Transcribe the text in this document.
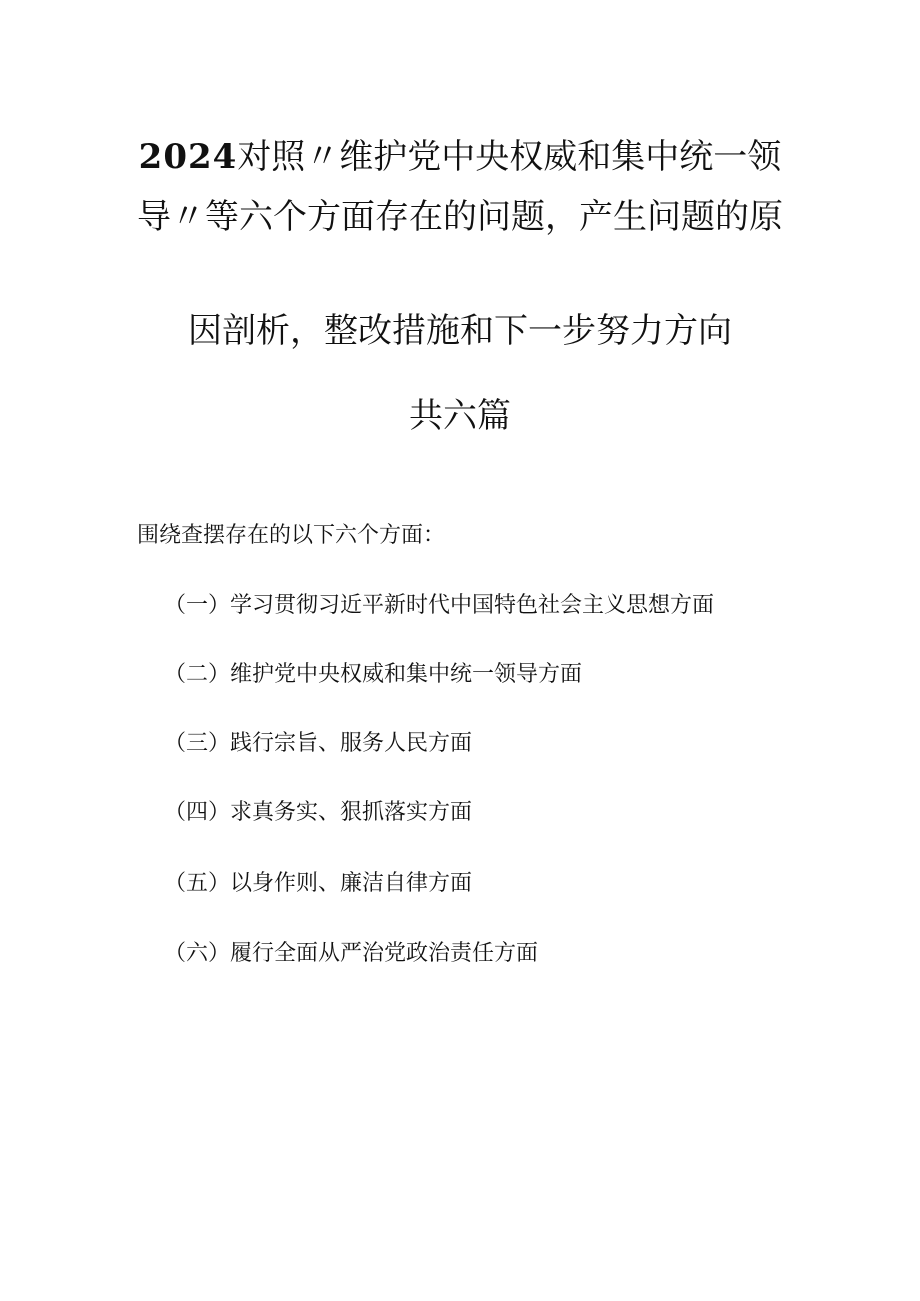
2024对照〃维护党中央权威和集中统一领
导〃等六个方面存在的问题，产生问题的原
因剖析，整改措施和下一步努力方向
共六篇
围绕查摆存在的以下六个方面：
（一）学习贯彻习近平新时代中国特色社会主义思想方面
（二）维护党中央权威和集中统一领导方面
（三）践行宗旨、服务人民方面
（四）求真务实、狠抓落实方面
（五）以身作则、廉洁自律方面
（六）履行全面从严治党政治责任方面
